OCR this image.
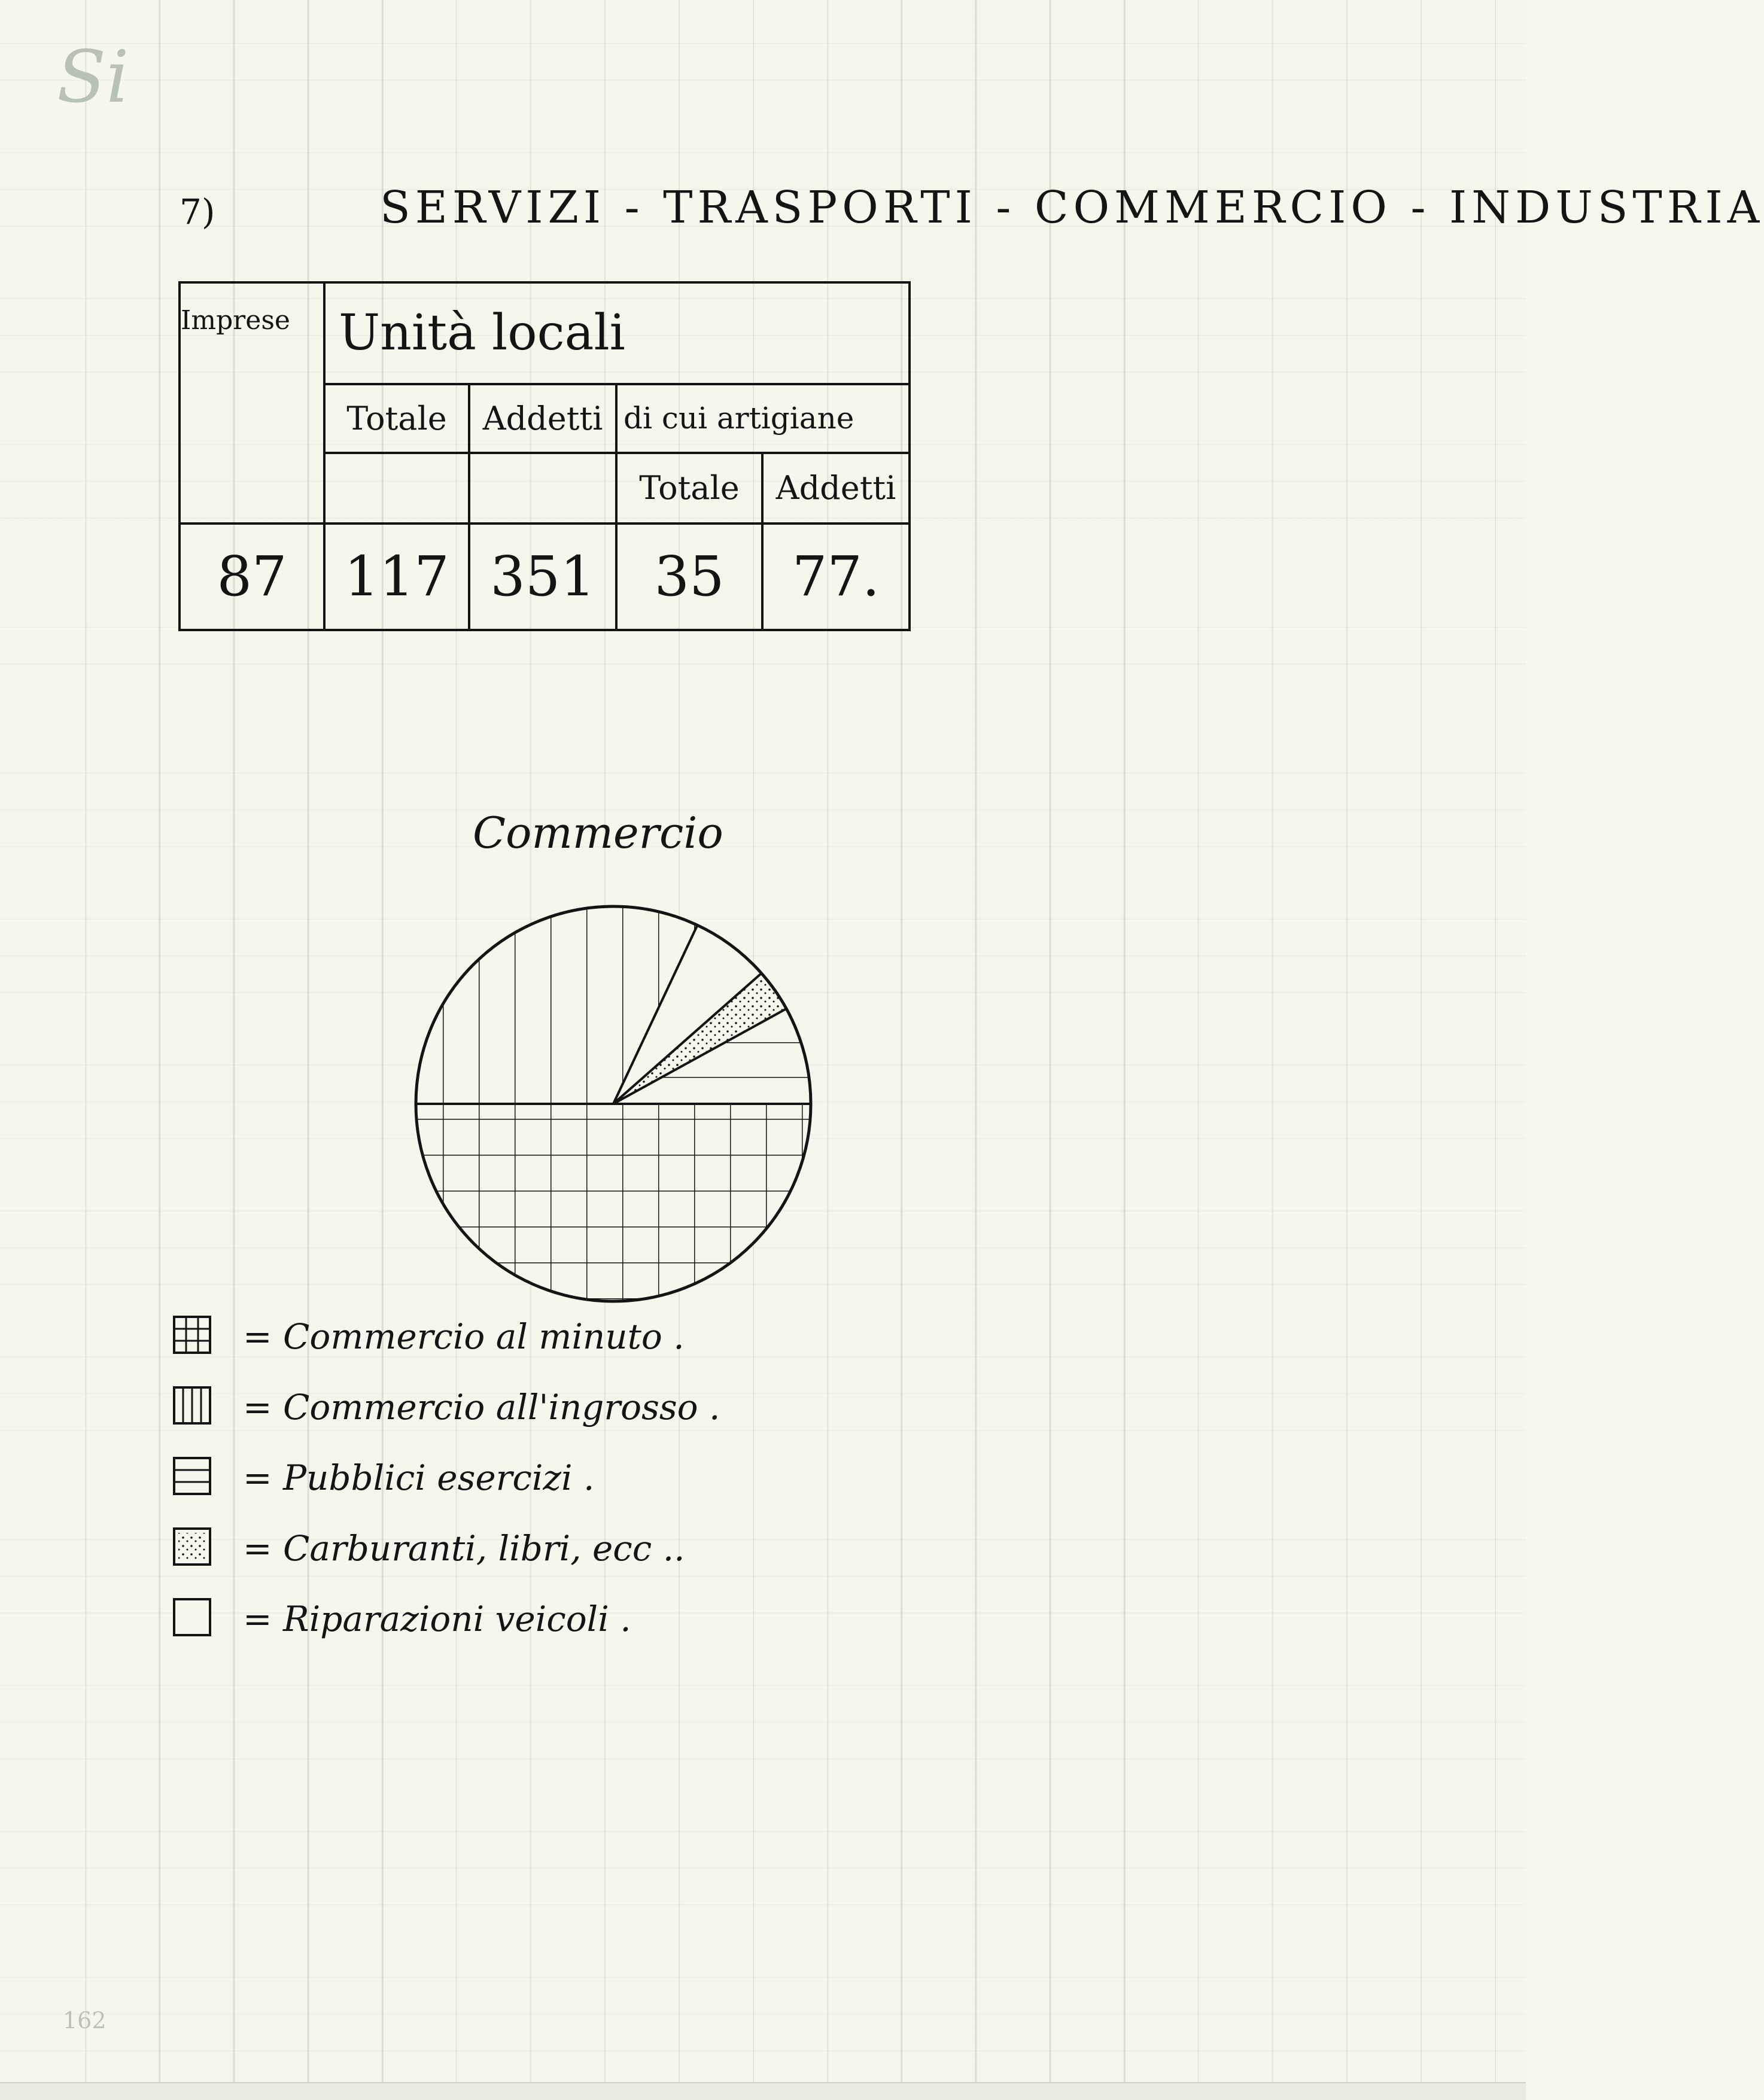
Si
7)	SERVIZI - TRASPORTI - COMMERCIO - INDUSTRIA
Imprese	Unità locali			
	Totale	Addetti	di cui artigiane	
			Totale	Addetti
87	117	351	35	77.
Commercio
= Commercio al minuto .
= Commercio all'ingrosso .
= Pubblici esercizi .
= Carburanti, libri, ecc ..
= Riparazioni veicoli .
162
